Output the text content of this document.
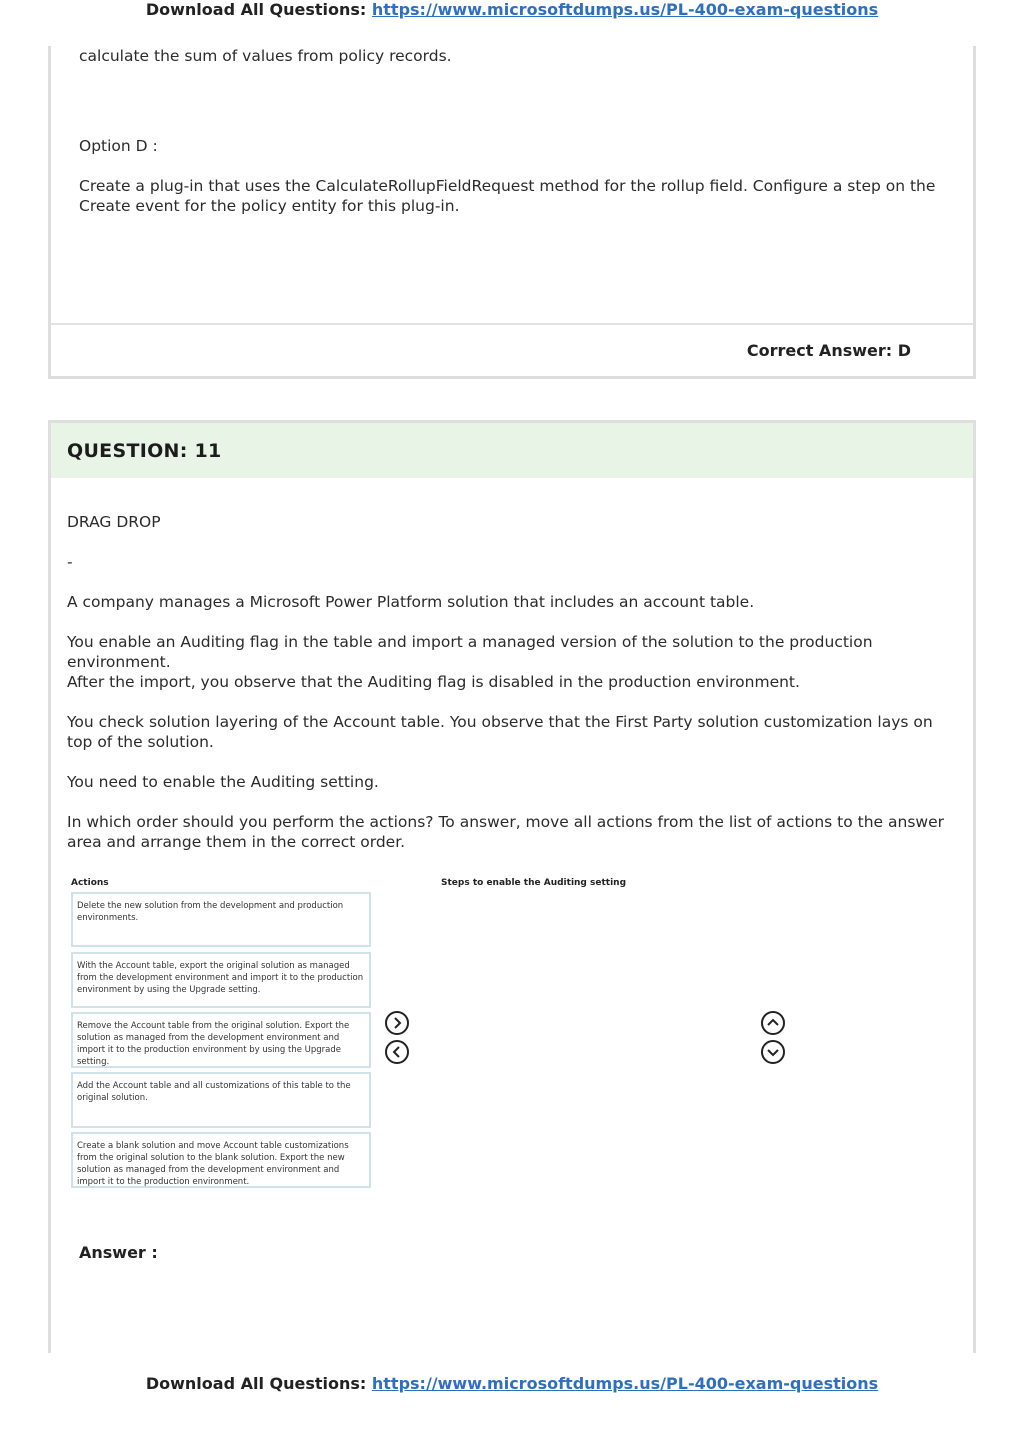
Download All Questions: https://www.microsoftdumps.us/PL-400-exam-questions

calculate the sum of values from policy records.

Option D :

Create a plug-in that uses the CalculateRollupFieldRequest method for the rollup field. Configure a step on the Create event for the policy entity for this plug-in.

Correct Answer: D
QUESTION: 11

DRAG DROP

-

A company manages a Microsoft Power Platform solution that includes an account table.

You enable an Auditing flag in the table and import a managed version of the solution to the production environment.

After the import, you observe that the Auditing flag is disabled in the production environment.

You check solution layering of the Account table. You observe that the First Party solution customization lays on top of the solution.

You need to enable the Auditing setting.

In which order should you perform the actions? To answer, move all actions from the list of actions to the answer area and arrange them in the correct order.

Actions	Steps to enable the Auditing setting
Delete the new solution from the development and production environments.
With the Account table, export the original solution as managed from the development environment and import it to the production environment by using the Upgrade setting.
Remove the Account table from the original solution. Export the solution as managed from the development environment and import it to the production environment by using the Upgrade setting.
Add the Account table and all customizations of this table to the original solution.
Create a blank solution and move Account table customizations from the original solution to the blank solution. Export the new solution as managed from the development environment and import it to the production environment.
Answer :
Download All Questions: https://www.microsoftdumps.us/PL-400-exam-questions
